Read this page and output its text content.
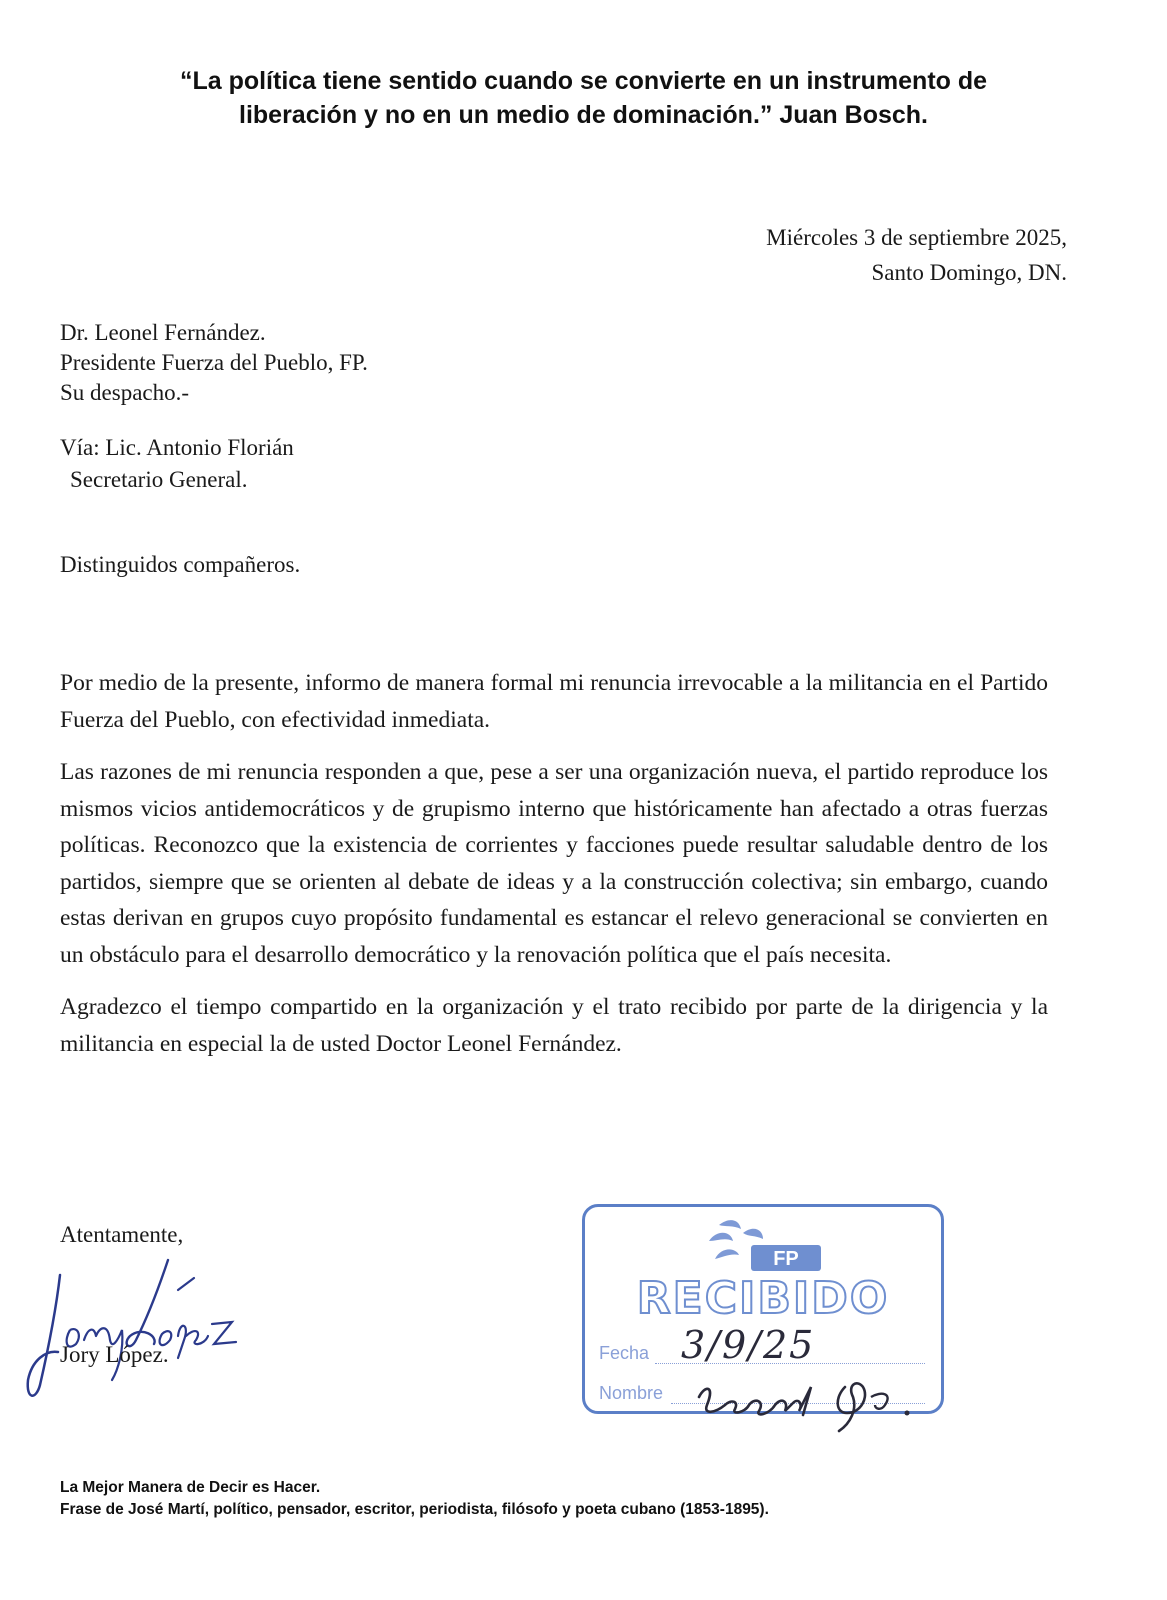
“La política tiene sentido cuando se convierte en un instrumento de
liberación y no en un medio de dominación.” Juan Bosch.
Miércoles 3 de septiembre 2025,
Santo Domingo, DN.
Dr. Leonel Fernández.
Presidente Fuerza del Pueblo, FP.
Su despacho.-
Vía: Lic. Antonio Florián
Secretario General.
Distinguidos compañeros.

Por medio de la presente, informo de manera formal mi renuncia irrevocable a la militancia en el Partido Fuerza del Pueblo, con efectividad inmediata.

Las razones de mi renuncia responden a que, pese a ser una organización nueva, el partido reproduce los mismos vicios antidemocráticos y de grupismo interno que históricamente han afectado a otras fuerzas políticas. Reconozco que la existencia de corrientes y facciones puede resultar saludable dentro de los partidos, siempre que se orienten al debate de ideas y a la construcción colectiva; sin embargo, cuando estas derivan en grupos cuyo propósito fundamental es estancar el relevo generacional se convierten en un obstáculo para el desarrollo democrático y la renovación política que el país necesita.

Agradezco el tiempo compartido en la organización y el trato recibido por parte de la dirigencia y la militancia en especial la de usted Doctor Leonel Fernández.

Atentamente,
Jory López
Jory López.
FP
RECIBIDO
Fecha 3/9/25
Nombre
Leonel
La Mejor Manera de Decir es Hacer.
Frase de José Martí, político, pensador, escritor, periodista, filósofo y poeta cubano (1853-1895).
